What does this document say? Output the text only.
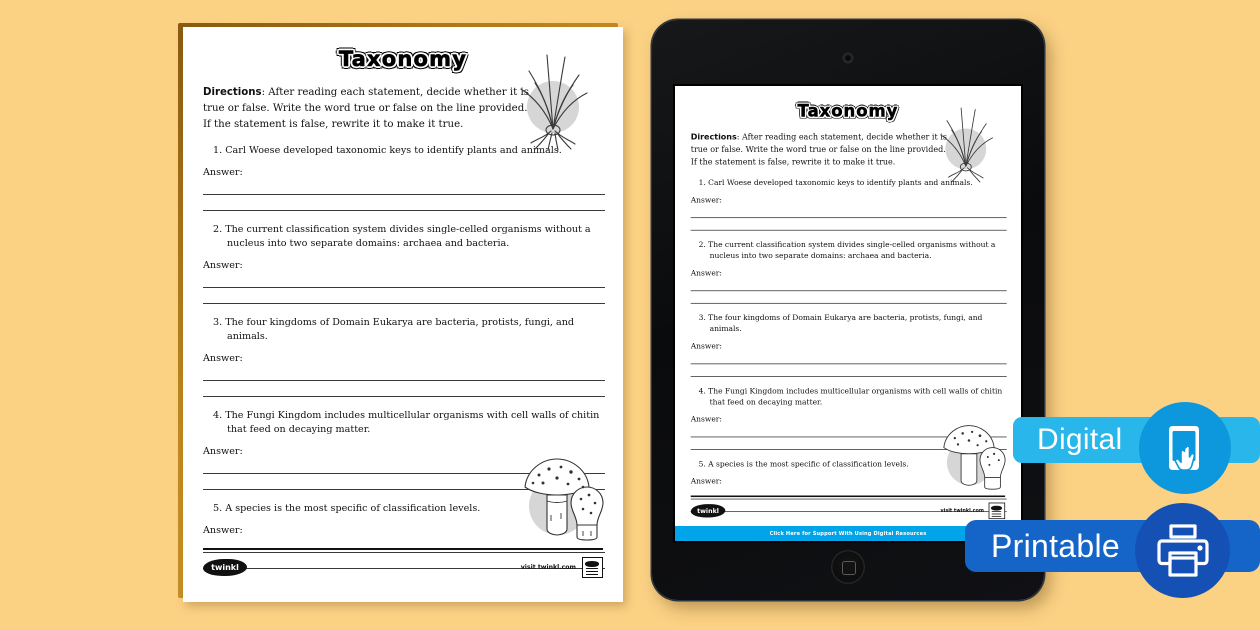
Taxonomy
Directions: After reading each statement, decide whether it is true or false. Write the word true or false on the line provided. If the statement is false, rewrite it to make it true.
1. Carl Woese developed taxonomic keys to identify plants and animals.
Answer:
2. The current classification system divides single-celled organisms without a nucleus into two separate domains: archaea and bacteria.
Answer:
3. The four kingdoms of Domain Eukarya are bacteria, protists, fungi, and animals.
Answer:
4. The Fungi Kingdom includes multicellular organisms with cell walls of chitin that feed on decaying matter.
Answer:
5. A species is the most specific of classification levels.
Answer:
twinkl	visit twinkl.com
Taxonomy
Directions: After reading each statement, decide whether it is true or false. Write the word true or false on the line provided. If the statement is false, rewrite it to make it true.
1. Carl Woese developed taxonomic keys to identify plants and animals.
Answer:
2. The current classification system divides single-celled organisms without a nucleus into two separate domains: archaea and bacteria.
Answer:
3. The four kingdoms of Domain Eukarya are bacteria, protists, fungi, and animals.
Answer:
4. The Fungi Kingdom includes multicellular organisms with cell walls of chitin that feed on decaying matter.
Answer:
5. A species is the most specific of classification levels.
Answer:
twinkl	visit twinkl.com
Click Here for Support With Using Digital Resources
Digital
Printable
